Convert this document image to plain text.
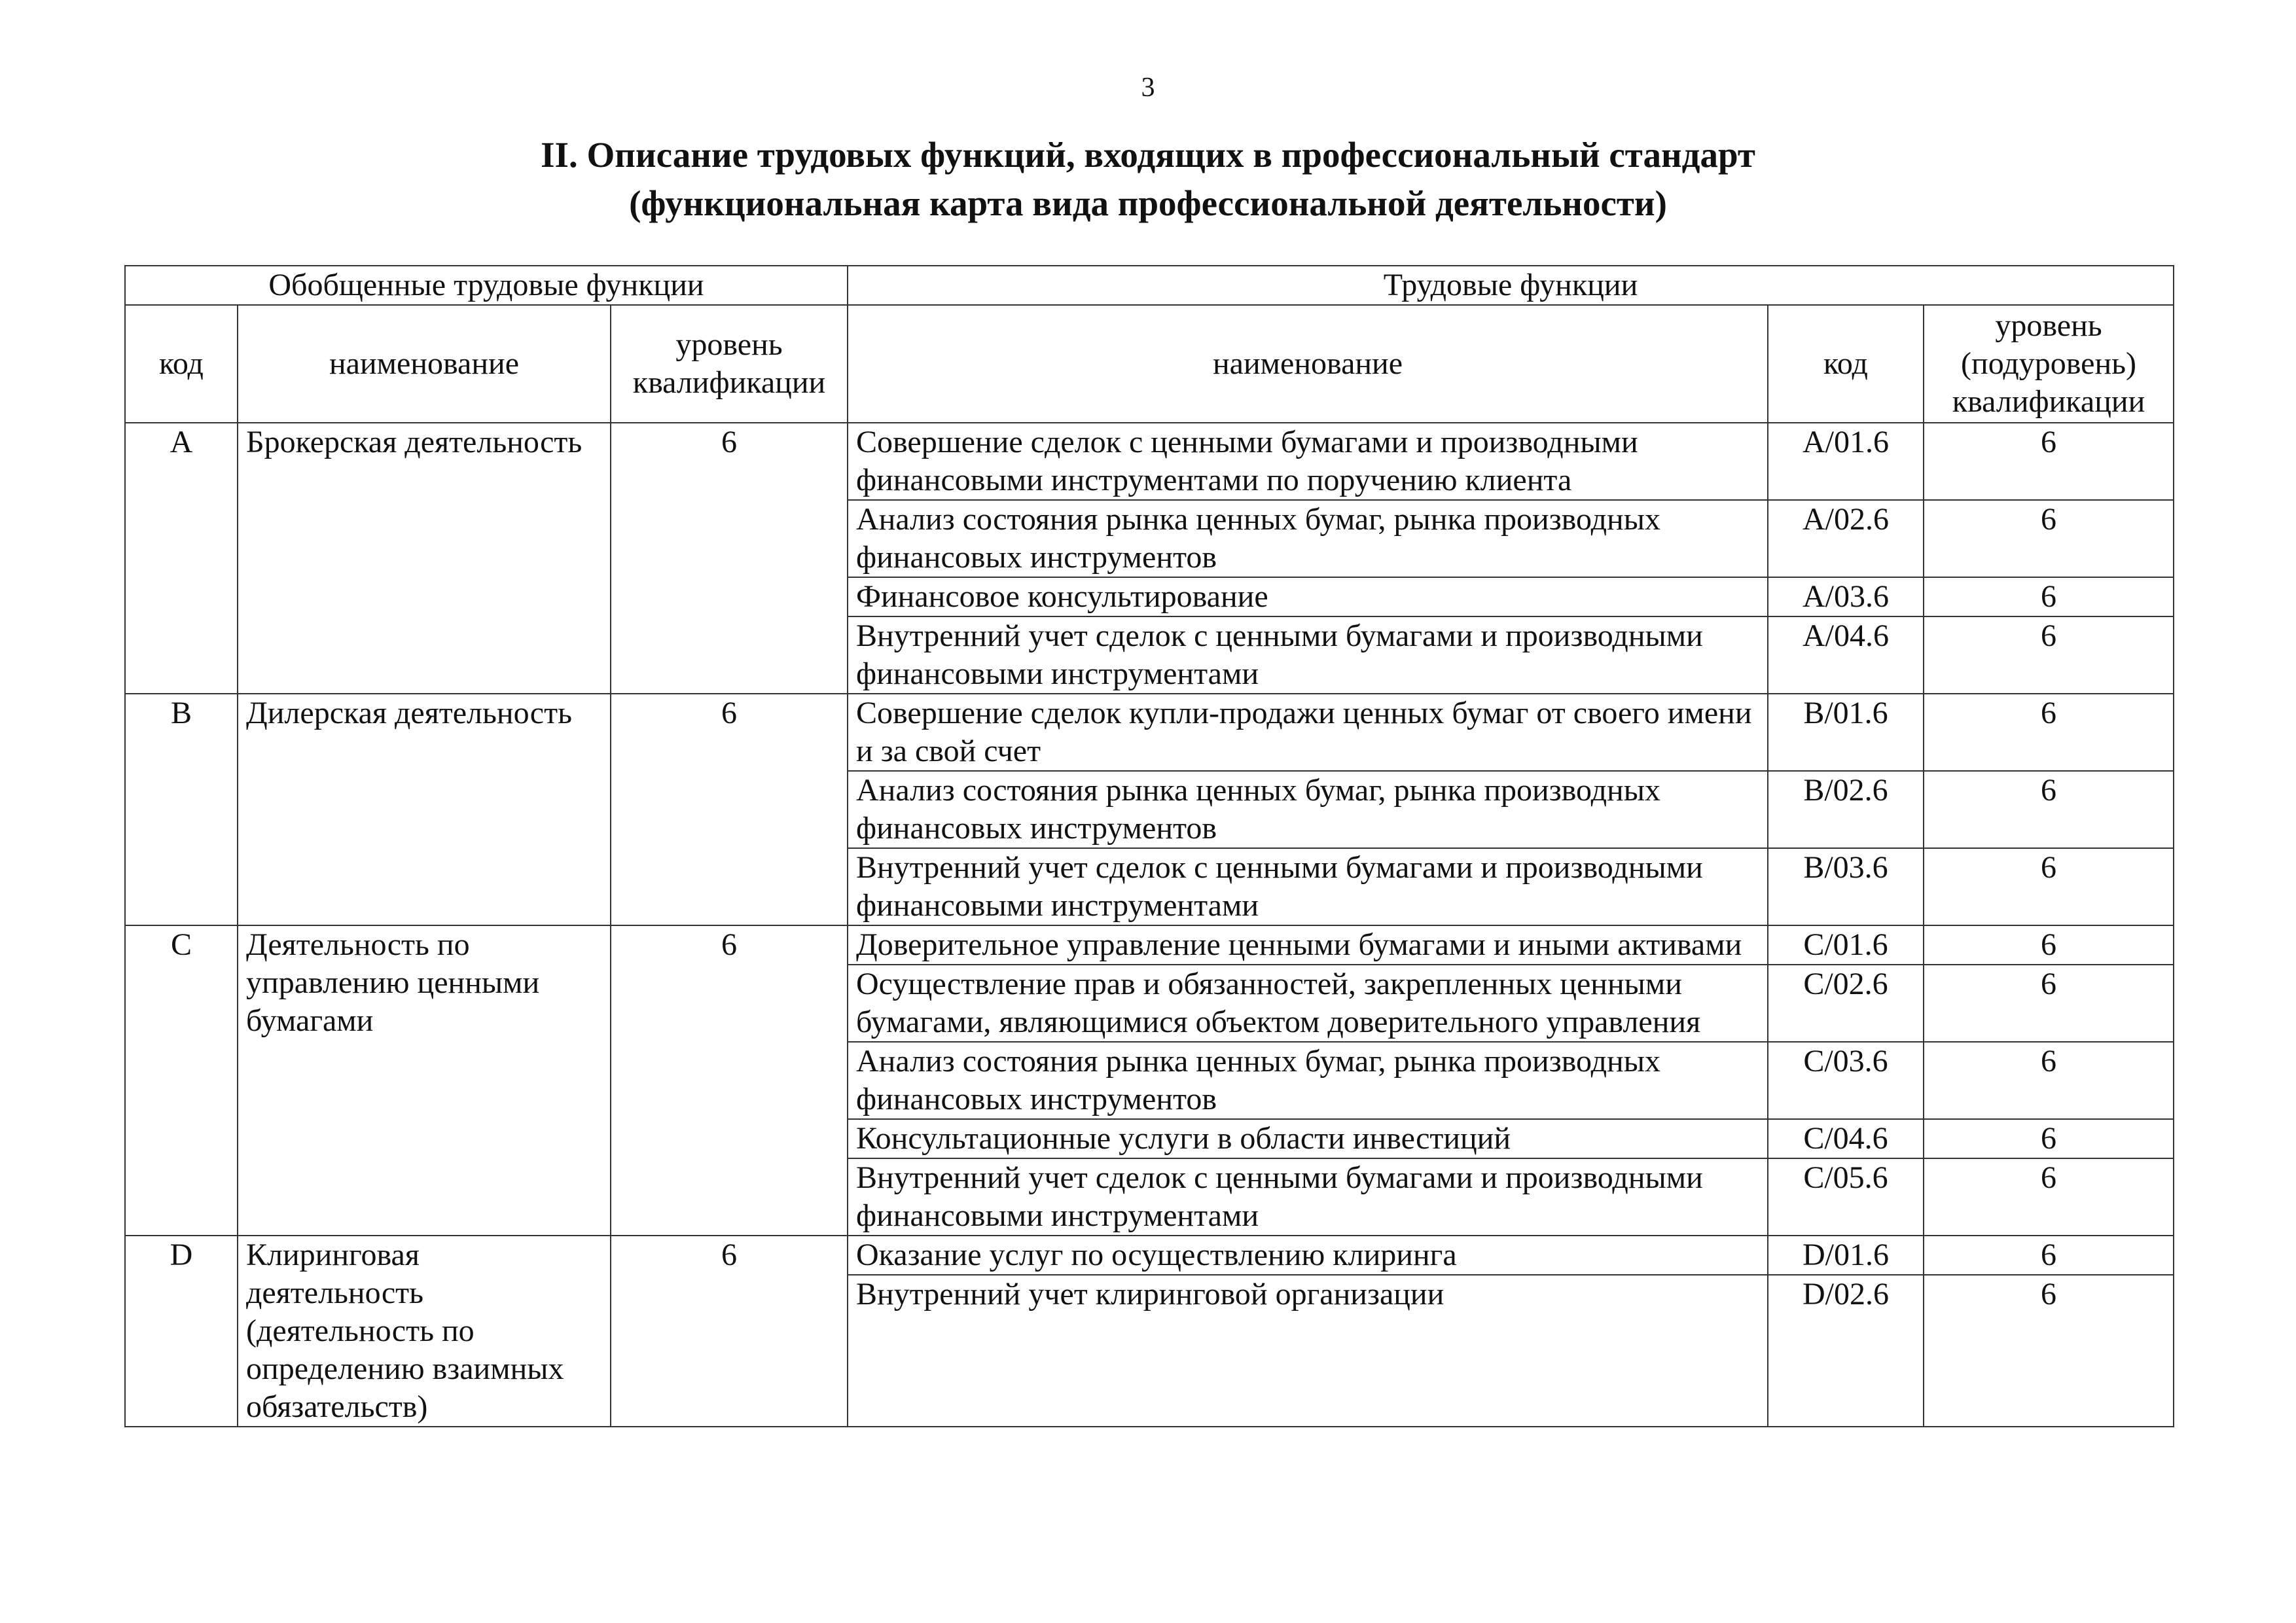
3
II. Описание трудовых функций, входящих в профессиональный стандарт
(функциональная карта вида профессиональной деятельности)
Обобщенные трудовые функции			Трудовые функции		
код	наименование	уровень квалификации	наименование	код	уровень (подуровень) квалификации
A	Брокерская деятельность	6	Совершение сделок с ценными бумагами и производными финансовыми инструментами по поручению клиента	A/01.6	6
			Анализ состояния рынка ценных бумаг, рынка производных финансовых инструментов	A/02.6	6
			Финансовое консультирование	A/03.6	6
			Внутренний учет сделок с ценными бумагами и производными финансовыми инструментами	A/04.6	6
B	Дилерская деятельность	6	Совершение сделок купли-продажи ценных бумаг от своего имени и за свой счет	B/01.6	6
			Анализ состояния рынка ценных бумаг, рынка производных финансовых инструментов	B/02.6	6
			Внутренний учет сделок с ценными бумагами и производными финансовыми инструментами	B/03.6	6
C	Деятельность по управлению ценными бумагами	6	Доверительное управление ценными бумагами и иными активами	C/01.6	6
			Осуществление прав и обязанностей, закрепленных ценными бумагами, являющимися объектом доверительного управления	C/02.6	6
			Анализ состояния рынка ценных бумаг, рынка производных финансовых инструментов	C/03.6	6
			Консультационные услуги в области инвестиций	C/04.6	6
			Внутренний учет сделок с ценными бумагами и производными финансовыми инструментами	C/05.6	6
D	Клиринговая деятельность (деятельность по определению взаимных обязательств)	6	Оказание услуг по осуществлению клиринга	D/01.6	6
			Внутренний учет клиринговой организации	D/02.6	6
